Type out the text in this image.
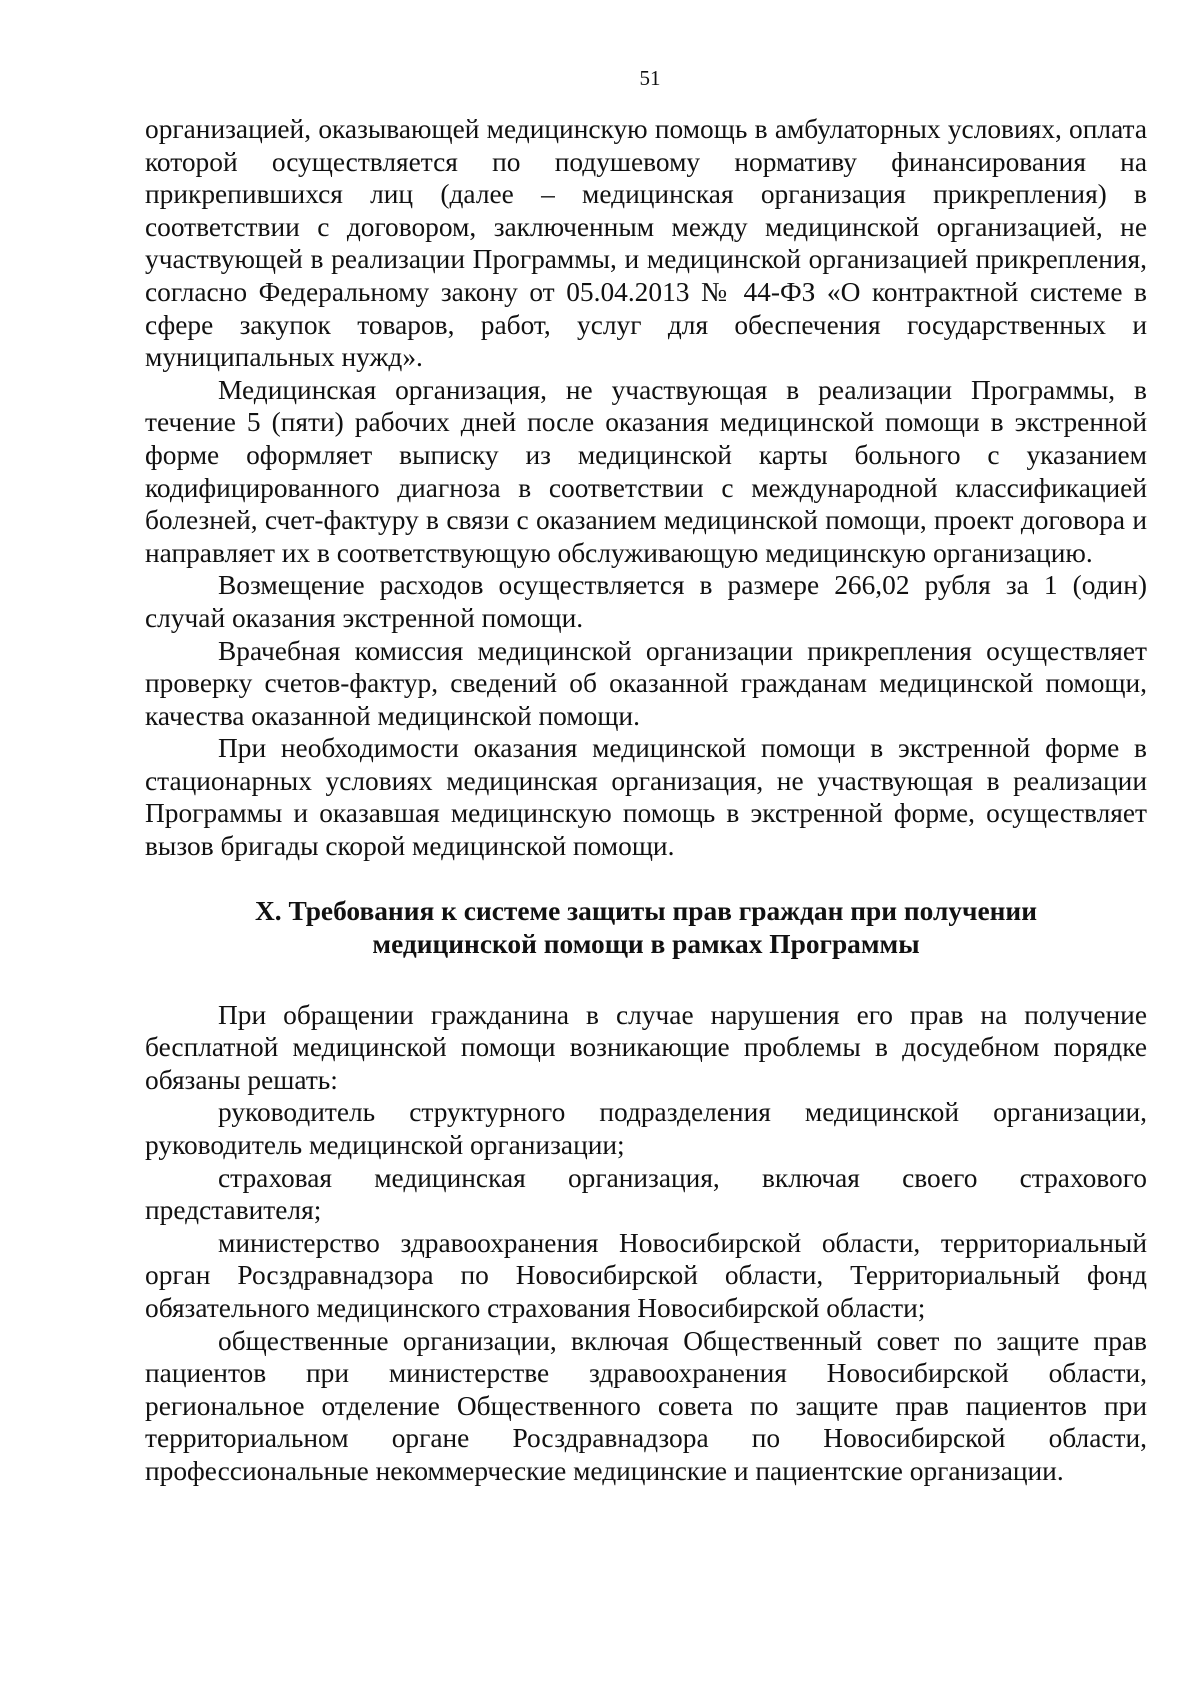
51

организацией, оказывающей медицинскую помощь в амбулаторных условиях, оплата которой осуществляется по подушевому нормативу финансирования на прикрепившихся лиц (далее – медицинская организация прикрепления) в соответствии с договором, заключенным между медицинской организацией, не участвующей в реализации Программы, и медицинской организацией прикрепления, согласно Федеральному закону от 05.04.2013 № 44-ФЗ «О контрактной системе в сфере закупок товаров, работ, услуг для обеспечения государственных и муниципальных нужд».

Медицинская организация, не участвующая в реализации Программы, в течение 5 (пяти) рабочих дней после оказания медицинской помощи в экстренной форме оформляет выписку из медицинской карты больного с указанием кодифицированного диагноза в соответствии с международной классификацией болезней, счет-фактуру в связи с оказанием медицинской помощи, проект договора и направляет их в соответствующую обслуживающую медицинскую организацию.

Возмещение расходов осуществляется в размере 266,02 рубля за 1 (один) случай оказания экстренной помощи.

Врачебная комиссия медицинской организации прикрепления осуществляет проверку счетов-фактур, сведений об оказанной гражданам медицинской помощи, качества оказанной медицинской помощи.

При необходимости оказания медицинской помощи в экстренной форме в стационарных условиях медицинская организация, не участвующая в реализации Программы и оказавшая медицинскую помощь в экстренной форме, осуществляет вызов бригады скорой медицинской помощи.

X. Требования к системе защиты прав граждан при получении
медицинской помощи в рамках Программы

При обращении гражданина в случае нарушения его прав на получение бесплатной медицинской помощи возникающие проблемы в досудебном порядке обязаны решать:

руководитель структурного подразделения медицинской организации, руководитель медицинской организации;

страховая медицинская организация, включая своего страхового представителя;

министерство здравоохранения Новосибирской области, территориальный орган Росздравнадзора по Новосибирской области, Территориальный фонд обязательного медицинского страхования Новосибирской области;

общественные организации, включая Общественный совет по защите прав пациентов при министерстве здравоохранения Новосибирской области, региональное отделение Общественного совета по защите прав пациентов при территориальном органе Росздравнадзора по Новосибирской области, профессиональные некоммерческие медицинские и пациентские организации.
